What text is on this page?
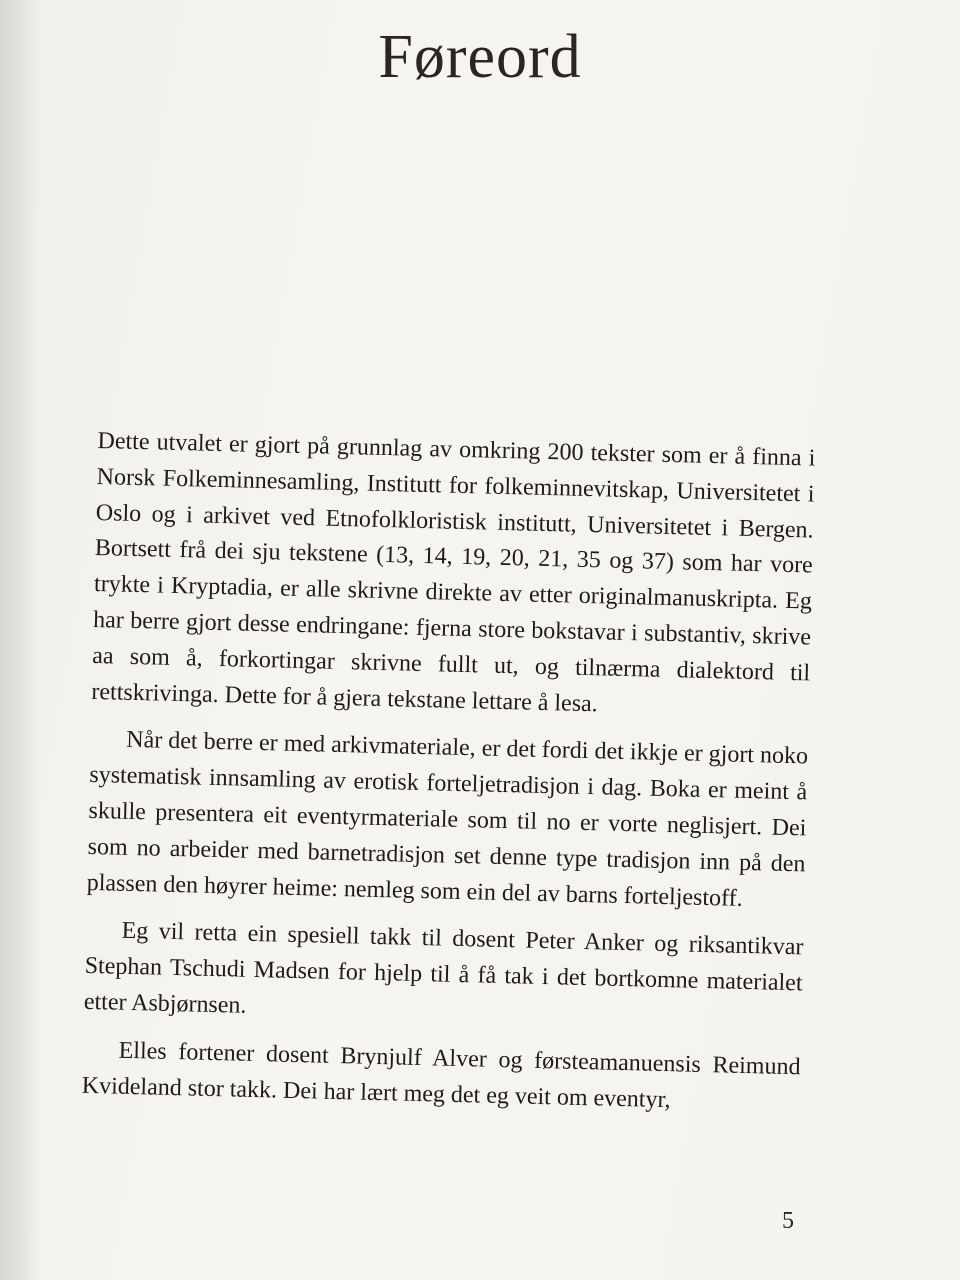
Føreord

Dette utvalet er gjort på grunnlag av omkring 200 tekster som er å finna i Norsk Folkeminnesamling, Institutt for folkeminnevitskap, Universitetet i Oslo og i arkivet ved Etnofolkloristisk institutt, Universitetet i Bergen. Bortsett frå dei sju tekstene (13, 14, 19, 20, 21, 35 og 37) som har vore trykte i Kryptadia, er alle skrivne direkte av etter originalmanuskripta. Eg har berre gjort desse endringane: fjerna store bokstavar i substantiv, skrive aa som å, forkortingar skrivne fullt ut, og tilnærma dialektord til rettskrivinga. Dette for å gjera tekstane lettare å lesa.

Når det berre er med arkivmateriale, er det fordi det ikkje er gjort noko systematisk innsamling av erotisk forteljetradisjon i dag. Boka er meint å skulle presentera eit eventyrmateriale som til no er vorte neglisjert. Dei som no arbeider med barnetradisjon set denne type tradisjon inn på den plassen den høyrer heime: nemleg som ein del av barns forteljestoff.

Eg vil retta ein spesiell takk til dosent Peter Anker og riksantikvar Stephan Tschudi Madsen for hjelp til å få tak i det bortkomne materialet etter Asbjørnsen.

Elles fortener dosent Brynjulf Alver og førsteamanuensis Reimund Kvideland stor takk. Dei har lært meg det eg veit om eventyr,

5
